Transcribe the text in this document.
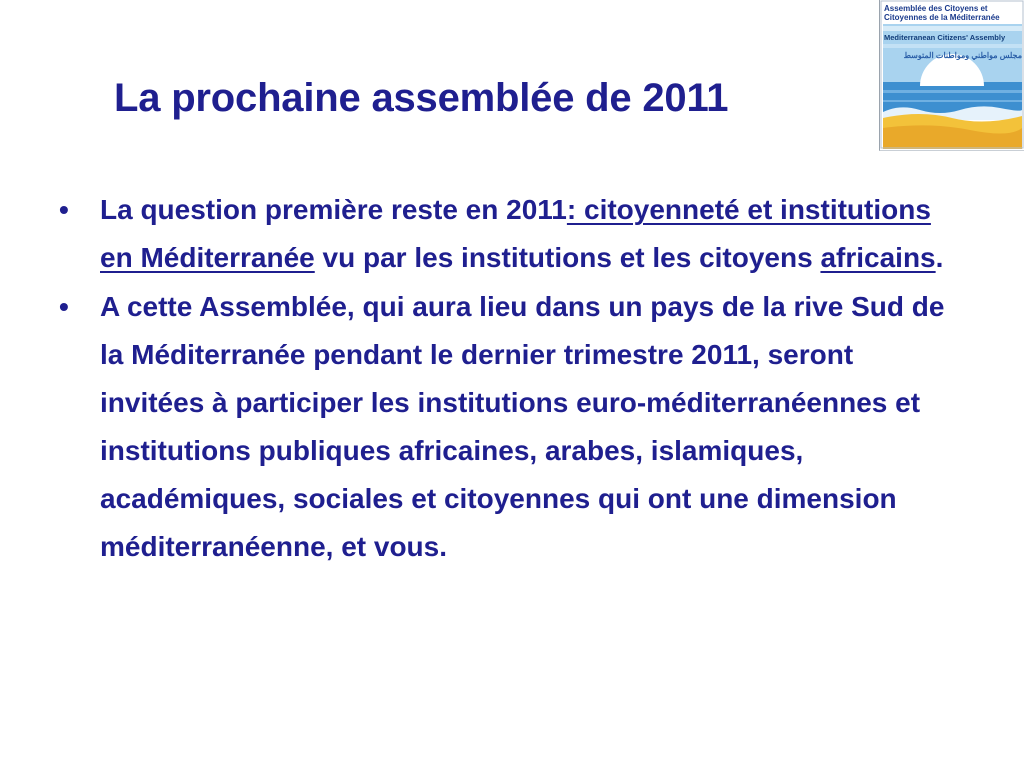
La prochaine assemblée de 2011
Assemblée des Citoyens et
Citoyennes de la Méditerranée
Mediterranean Citizens' Assembly
مجلس مواطني ومواطنات المتوسط
• La question première reste en 2011: citoyenneté et institutions en Méditerranée vu par les institutions et les citoyens africains.
• A cette Assemblée, qui aura lieu dans un pays de la rive Sud de la Méditerranée pendant le dernier trimestre 2011, seront invitées à participer les institutions euro-méditerranéennes et institutions publiques africaines, arabes, islamiques, académiques, sociales et citoyennes qui ont une dimension méditerranéenne, et vous.
